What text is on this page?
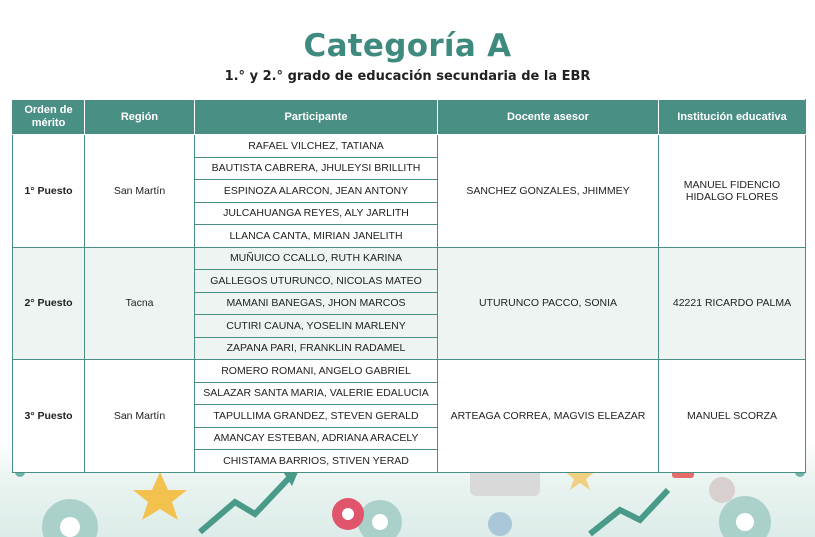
Categoría A
1.° y 2.° grado de educación secundaria de la EBR
Orden de mérito	Región	Participante	Docente asesor	Institución educativa
1° Puesto	San Martín	RAFAEL VILCHEZ, TATIANA	SANCHEZ GONZALES, JHIMMEY	MANUEL FIDENCIO HIDALGO FLORES
		BAUTISTA CABRERA, JHULEYSI BRILLITH		
		ESPINOZA ALARCON, JEAN ANTONY		
		JULCAHUANGA REYES, ALY JARLITH		
		LLANCA CANTA, MIRIAN JANELITH		
2° Puesto	Tacna	MUÑUICO CCALLO, RUTH KARINA	UTURUNCO PACCO, SONIA	42221 RICARDO PALMA
		GALLEGOS UTURUNCO, NICOLAS MATEO		
		MAMANI BANEGAS, JHON MARCOS		
		CUTIRI CAUNA, YOSELIN MARLENY		
		ZAPANA PARI, FRANKLIN RADAMEL		
3° Puesto	San Martín	ROMERO ROMANI, ANGELO GABRIEL	ARTEAGA CORREA, MAGVIS ELEAZAR	MANUEL SCORZA
		SALAZAR SANTA MARIA, VALERIE EDALUCIA		
		TAPULLIMA GRANDEZ, STEVEN GERALD		
		AMANCAY ESTEBAN, ADRIANA ARACELY		
		CHISTAMA BARRIOS, STIVEN YERAD		
